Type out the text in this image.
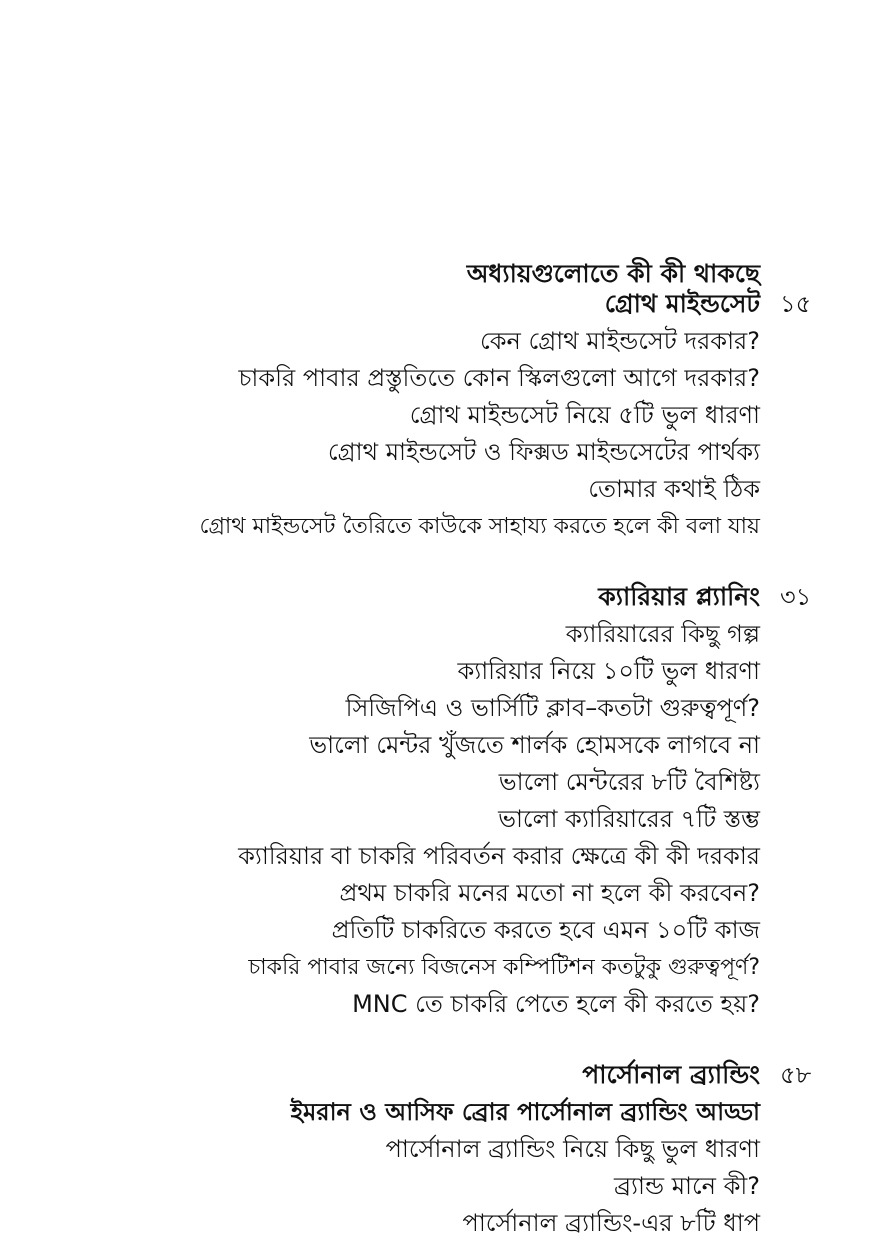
অধ্যায়গুলোতে কী কী থাকছে
গ্রোথ মাইন্ডসেট ১৫
কেন গ্রোথ মাইন্ডসেট দরকার?
চাকরি পাবার প্রস্তুতিতে কোন স্কিলগুলো আগে দরকার?
গ্রোথ মাইন্ডসেট নিয়ে ৫টি ভুল ধারণা
গ্রোথ মাইন্ডসেট ও ফিক্সড মাইন্ডসেটের পার্থক্য
তোমার কথাই ঠিক
গ্রোথ মাইন্ডসেট তৈরিতে কাউকে সাহায্য করতে হলে কী বলা যায়
ক্যারিয়ার প্ল্যানিং ৩১
ক্যারিয়ারের কিছু গল্প
ক্যারিয়ার নিয়ে ১০টি ভুল ধারণা
সিজিপিএ ও ভার্সিটি ক্লাব–কতটা গুরুত্বপূর্ণ?
ভালো মেন্টর খুঁজতে শার্লক হোমসকে লাগবে না
ভালো মেন্টরের ৮টি বৈশিষ্ট্য
ভালো ক্যারিয়ারের ৭টি স্তম্ভ
ক্যারিয়ার বা চাকরি পরিবর্তন করার ক্ষেত্রে কী কী দরকার
প্রথম চাকরি মনের মতো না হলে কী করবেন?
প্রতিটি চাকরিতে করতে হবে এমন ১০টি কাজ
চাকরি পাবার জন্যে বিজনেস কম্পিটিশন কতটুকু গুরুত্বপূর্ণ?
MNC তে চাকরি পেতে হলে কী করতে হয়?
পার্সোনাল ব্র্যান্ডিং ৫৮
ইমরান ও আসিফ ব্রোর পার্সোনাল ব্র্যান্ডিং আড্ডা
পার্সোনাল ব্র্যান্ডিং নিয়ে কিছু ভুল ধারণা
ব্র্যান্ড মানে কী?
পার্সোনাল ব্র্যান্ডিং-এর ৮টি ধাপ
